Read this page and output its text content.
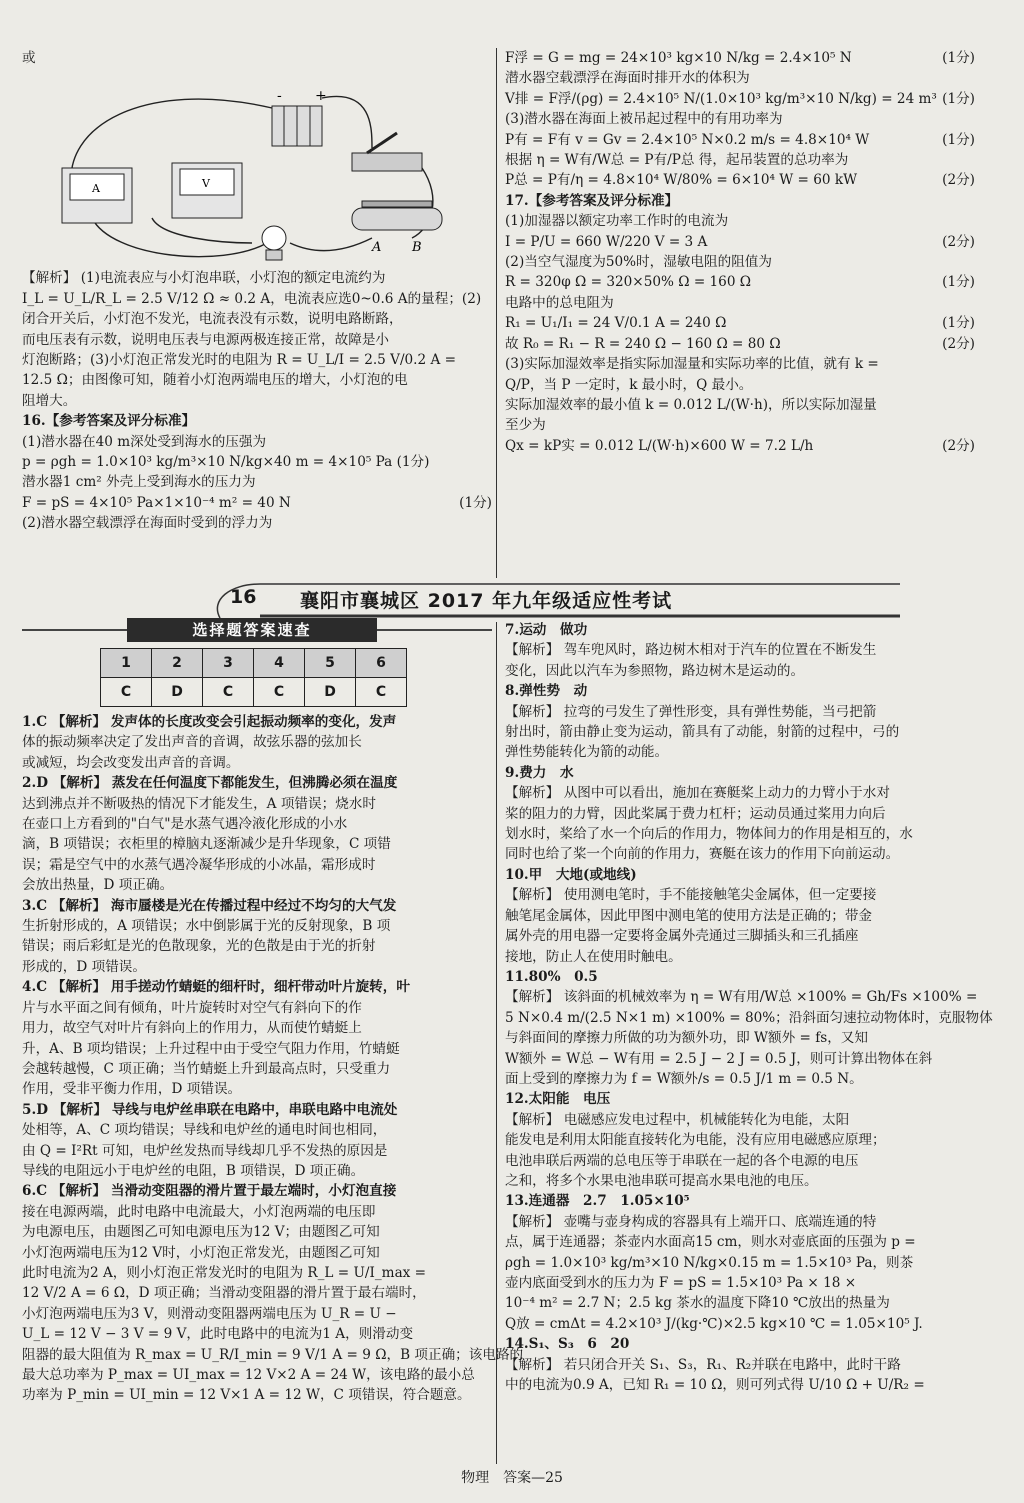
或
- +
A	V
A B
【解析】 (1)电流表应与小灯泡串联，小灯泡的额定电流约为
I_L = U_L/R_L = 2.5 V/12 Ω ≈ 0.2 A，电流表应选0~0.6 A的量程；(2)
闭合开关后，小灯泡不发光，电流表没有示数，说明电路断路，
而电压表有示数，说明电压表与电源两极连接正常，故障是小
灯泡断路；(3)小灯泡正常发光时的电阻为 R = U_L/I = 2.5 V/0.2 A =
12.5 Ω；由图像可知，随着小灯泡两端电压的增大，小灯泡的电
阻增大。
16.【参考答案及评分标准】
(1)潜水器在40 m深处受到海水的压强为
p = ρgh = 1.0×10³ kg/m³×10 N/kg×40 m = 4×10⁵ Pa (1分)
潜水器1 cm² 外壳上受到海水的压力为
F = pS = 4×10⁵ Pa×1×10⁻⁴ m² = 40 N	(1分)
(2)潜水器空载漂浮在海面时受到的浮力为
F浮 = G = mg = 24×10³ kg×10 N/kg = 2.4×10⁵ N	(1分)
潜水器空载漂浮在海面时排开水的体积为
V排 = F浮/(ρg) = 2.4×10⁵ N/(1.0×10³ kg/m³×10 N/kg) = 24 m³ (1分)
(3)潜水器在海面上被吊起过程中的有用功率为
P有 = F有 v = Gv = 2.4×10⁵ N×0.2 m/s = 4.8×10⁴ W	(1分)
根据 η = W有/W总 = P有/P总 得，起吊装置的总功率为
P总 = P有/η = 4.8×10⁴ W/80% = 6×10⁴ W = 60 kW	(2分)
17.【参考答案及评分标准】
(1)加湿器以额定功率工作时的电流为
I = P/U = 660 W/220 V = 3 A	(2分)
(2)当空气湿度为50%时，湿敏电阻的阻值为
R = 320φ Ω = 320×50% Ω = 160 Ω	(1分)
电路中的总电阻为
R₁ = U₁/I₁ = 24 V/0.1 A = 240 Ω	(1分)
故 R₀ = R₁ − R = 240 Ω − 160 Ω = 80 Ω	(2分)
(3)实际加湿效率是指实际加湿量和实际功率的比值，就有 k =
Q/P，当 P 一定时，k 最小时，Q 最小。
实际加湿效率的最小值 k = 0.012 L/(W·h)，所以实际加湿量
至少为
Qx = kP实 = 0.012 L/(W·h)×600 W = 7.2 L/h	(2分)
16 襄阳市襄城区 2017 年九年级适应性考试
选择题答案速查
1	2	3	4	5	6
C	D	C	C	D	C
1.C 【解析】 发声体的长度改变会引起振动频率的变化，发声
体的振动频率决定了发出声音的音调，故弦乐器的弦加长
或减短，均会改变发出声音的音调。
2.D 【解析】 蒸发在任何温度下都能发生，但沸腾必须在温度
达到沸点并不断吸热的情况下才能发生，A 项错误；烧水时
在壶口上方看到的"白气"是水蒸气遇冷液化形成的小水
滴，B 项错误；衣柜里的樟脑丸逐渐减少是升华现象，C 项错
误；霜是空气中的水蒸气遇冷凝华形成的小冰晶，霜形成时
会放出热量，D 项正确。
3.C 【解析】 海市蜃楼是光在传播过程中经过不均匀的大气发
生折射形成的，A 项错误；水中倒影属于光的反射现象，B 项
错误；雨后彩虹是光的色散现象，光的色散是由于光的折射
形成的，D 项错误。
4.C 【解析】 用手搓动竹蜻蜓的细杆时，细杆带动叶片旋转，叶
片与水平面之间有倾角，叶片旋转时对空气有斜向下的作
用力，故空气对叶片有斜向上的作用力，从而使竹蜻蜓上
升，A、B 项均错误；上升过程中由于受空气阻力作用，竹蜻蜓
会越转越慢，C 项正确；当竹蜻蜓上升到最高点时，只受重力
作用，受非平衡力作用，D 项错误。
5.D 【解析】 导线与电炉丝串联在电路中，串联电路中电流处
处相等，A、C 项均错误；导线和电炉丝的通电时间也相同，
由 Q = I²Rt 可知，电炉丝发热而导线却几乎不发热的原因是
导线的电阻远小于电炉丝的电阻，B 项错误，D 项正确。
6.C 【解析】 当滑动变阻器的滑片置于最左端时，小灯泡直接
接在电源两端，此时电路中电流最大，小灯泡两端的电压即
为电源电压，由题图乙可知电源电压为12 V；由题图乙可知
小灯泡两端电压为12 V时，小灯泡正常发光，由题图乙可知
此时电流为2 A，则小灯泡正常发光时的电阻为 R_L = U/I_max =
12 V/2 A = 6 Ω，D 项正确；当滑动变阻器的滑片置于最右端时，
小灯泡两端电压为3 V，则滑动变阻器两端电压为 U_R = U −
U_L = 12 V − 3 V = 9 V，此时电路中的电流为1 A，则滑动变
阻器的最大阻值为 R_max = U_R/I_min = 9 V/1 A = 9 Ω，B 项正确；该电路的
最大总功率为 P_max = UI_max = 12 V×2 A = 24 W，该电路的最小总
功率为 P_min = UI_min = 12 V×1 A = 12 W，C 项错误，符合题意。
7.运动　做功
【解析】 驾车兜风时，路边树木相对于汽车的位置在不断发生
变化，因此以汽车为参照物，路边树木是运动的。
8.弹性势　动
【解析】 拉弯的弓发生了弹性形变，具有弹性势能，当弓把箭
射出时，箭由静止变为运动，箭具有了动能，射箭的过程中，弓的
弹性势能转化为箭的动能。
9.费力　水
【解析】 从图中可以看出，施加在赛艇桨上动力的力臂小于水对
桨的阻力的力臂，因此桨属于费力杠杆；运动员通过桨用力向后
划水时，桨给了水一个向后的作用力，物体间力的作用是相互的，水
同时也给了桨一个向前的作用力，赛艇在该力的作用下向前运动。
10.甲　大地(或地线)
【解析】 使用测电笔时，手不能接触笔尖金属体，但一定要接
触笔尾金属体，因此甲图中测电笔的使用方法是正确的；带金
属外壳的用电器一定要将金属外壳通过三脚插头和三孔插座
接地，防止人在使用时触电。
11.80%　0.5
【解析】 该斜面的机械效率为 η = W有用/W总 ×100% = Gh/Fs ×100% =
5 N×0.4 m/(2.5 N×1 m) ×100% = 80%；沿斜面匀速拉动物体时，克服物体
与斜面间的摩擦力所做的功为额外功，即 W额外 = fs，又知
W额外 = W总 − W有用 = 2.5 J − 2 J = 0.5 J，则可计算出物体在斜
面上受到的摩擦力为 f = W额外/s = 0.5 J/1 m = 0.5 N。
12.太阳能　电压
【解析】 电磁感应发电过程中，机械能转化为电能，太阳
能发电是利用太阳能直接转化为电能，没有应用电磁感应原理；
电池串联后两端的总电压等于串联在一起的各个电源的电压
之和，将多个水果电池串联可提高水果电池的电压。
13.连通器　2.7　1.05×10⁵
【解析】 壶嘴与壶身构成的容器具有上端开口、底端连通的特
点，属于连通器；茶壶内水面高15 cm，则水对壶底面的压强为 p =
ρgh = 1.0×10³ kg/m³×10 N/kg×0.15 m = 1.5×10³ Pa，则茶
壶内底面受到水的压力为 F = pS = 1.5×10³ Pa × 18 ×
10⁻⁴ m² = 2.7 N；2.5 kg 茶水的温度下降10 ℃放出的热量为
Q放 = cmΔt = 4.2×10³ J/(kg·℃)×2.5 kg×10 ℃ = 1.05×10⁵ J.
14.S₁、S₃　6　20
【解析】 若只闭合开关 S₁、S₃，R₁、R₂并联在电路中，此时干路
中的电流为0.9 A，已知 R₁ = 10 Ω，则可列式得 U/10 Ω + U/R₂ =
物理　答案—25
